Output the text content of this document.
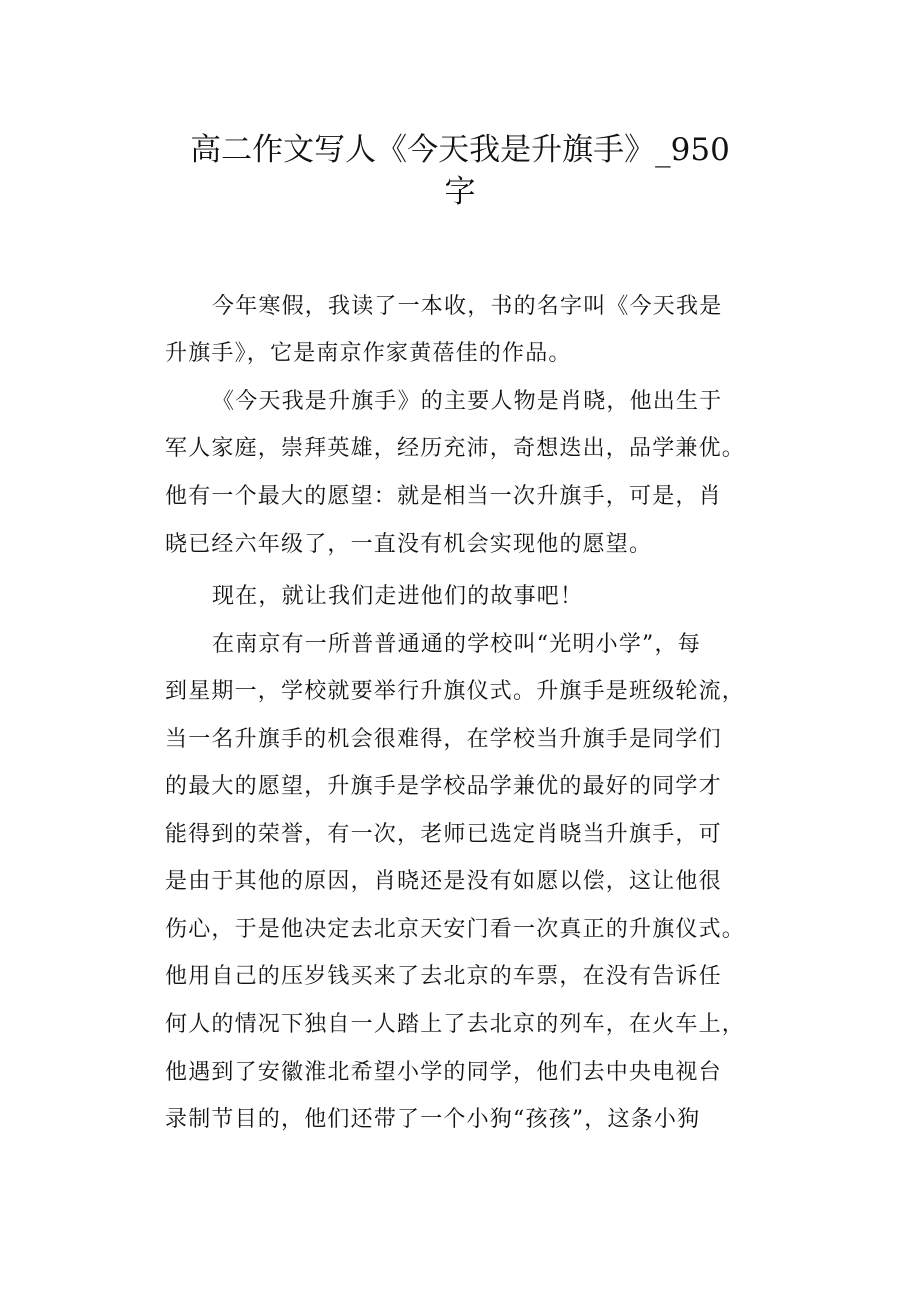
高二作文写人《今天我是升旗手》_950
字
今年寒假，我读了一本收，书的名字叫《今天我是
升旗手》，它是南京作家黄蓓佳的作品。
《今天我是升旗手》的主要人物是肖晓，他出生于
军人家庭，崇拜英雄，经历充沛，奇想迭出，品学兼优。
他有一个最大的愿望：就是相当一次升旗手，可是，肖
晓已经六年级了，一直没有机会实现他的愿望。
现在，就让我们走进他们的故事吧！
在南京有一所普普通通的学校叫“光明小学”，每
到星期一，学校就要举行升旗仪式。升旗手是班级轮流，
当一名升旗手的机会很难得，在学校当升旗手是同学们
的最大的愿望，升旗手是学校品学兼优的最好的同学才
能得到的荣誉，有一次，老师已选定肖晓当升旗手，可
是由于其他的原因，肖晓还是没有如愿以偿，这让他很
伤心，于是他决定去北京天安门看一次真正的升旗仪式。
他用自己的压岁钱买来了去北京的车票，在没有告诉任
何人的情况下独自一人踏上了去北京的列车，在火车上，
他遇到了安徽淮北希望小学的同学，他们去中央电视台
录制节目的，他们还带了一个小狗“孩孩”，这条小狗
